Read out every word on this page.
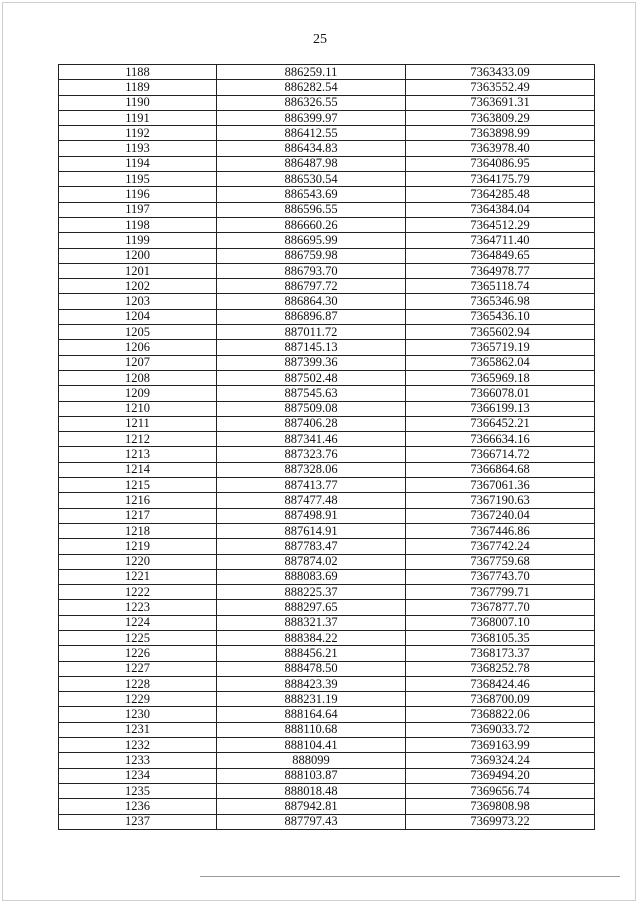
25
1188	886259.11	7363433.09
1189	886282.54	7363552.49
1190	886326.55	7363691.31
1191	886399.97	7363809.29
1192	886412.55	7363898.99
1193	886434.83	7363978.40
1194	886487.98	7364086.95
1195	886530.54	7364175.79
1196	886543.69	7364285.48
1197	886596.55	7364384.04
1198	886660.26	7364512.29
1199	886695.99	7364711.40
1200	886759.98	7364849.65
1201	886793.70	7364978.77
1202	886797.72	7365118.74
1203	886864.30	7365346.98
1204	886896.87	7365436.10
1205	887011.72	7365602.94
1206	887145.13	7365719.19
1207	887399.36	7365862.04
1208	887502.48	7365969.18
1209	887545.63	7366078.01
1210	887509.08	7366199.13
1211	887406.28	7366452.21
1212	887341.46	7366634.16
1213	887323.76	7366714.72
1214	887328.06	7366864.68
1215	887413.77	7367061.36
1216	887477.48	7367190.63
1217	887498.91	7367240.04
1218	887614.91	7367446.86
1219	887783.47	7367742.24
1220	887874.02	7367759.68
1221	888083.69	7367743.70
1222	888225.37	7367799.71
1223	888297.65	7367877.70
1224	888321.37	7368007.10
1225	888384.22	7368105.35
1226	888456.21	7368173.37
1227	888478.50	7368252.78
1228	888423.39	7368424.46
1229	888231.19	7368700.09
1230	888164.64	7368822.06
1231	888110.68	7369033.72
1232	888104.41	7369163.99
1233	888099	7369324.24
1234	888103.87	7369494.20
1235	888018.48	7369656.74
1236	887942.81	7369808.98
1237	887797.43	7369973.22
